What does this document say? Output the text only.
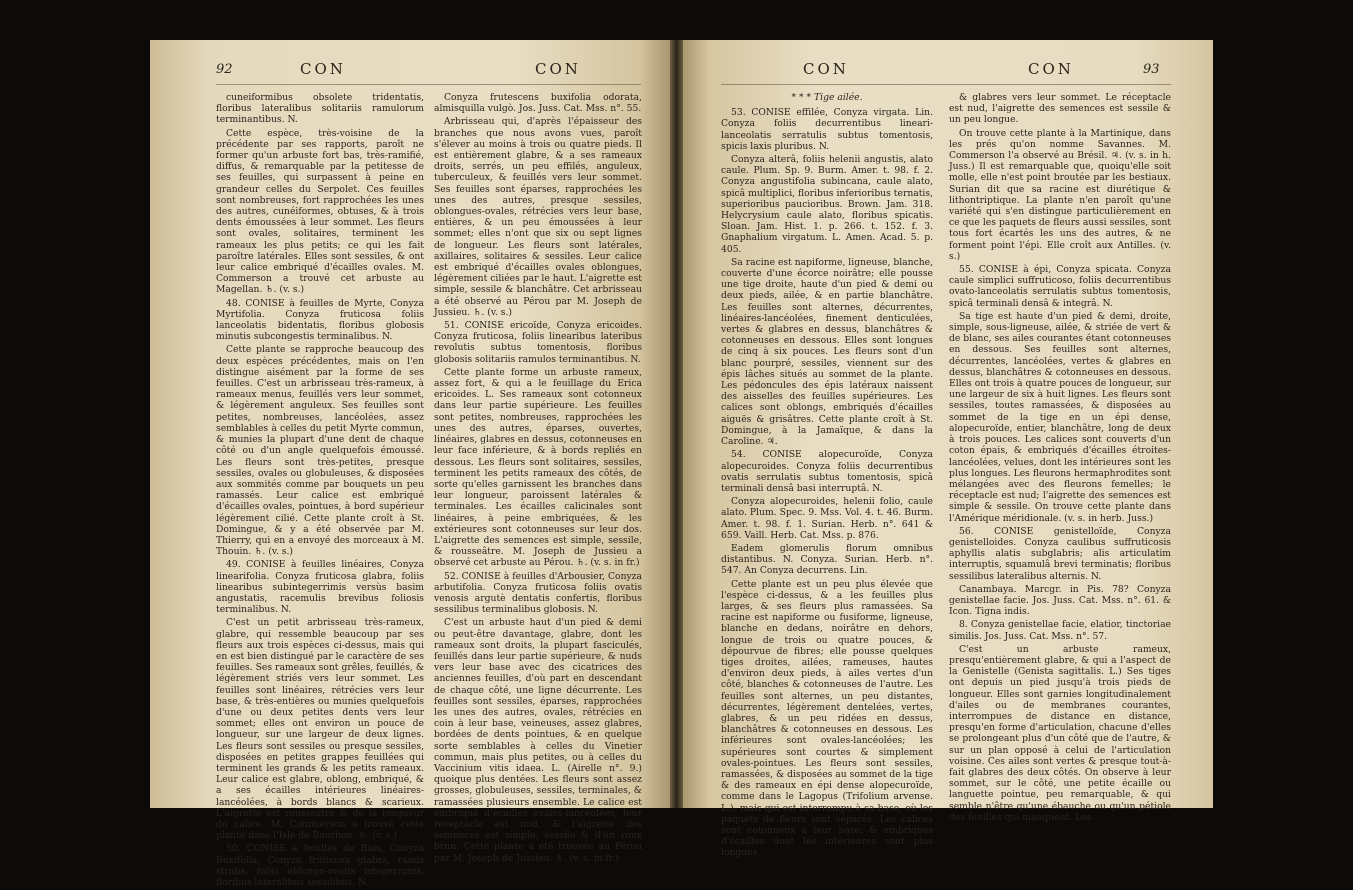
92	CON	CON

cuneiformibus obsolete tridentatis, floribus lateralibus solitariis ramulorum terminantibus. N.

Cette espèce, très-voisine de la précédente par ses rapports, paroît ne former qu'un arbuste fort bas, très-ramifié, diffus, & remarquable par la petitesse de ses feuilles, qui surpassent à peine en grandeur celles du Serpolet. Ces feuilles sont nombreuses, fort rapprochées les unes des autres, cunéiformes, obtuses, & à trois dents émoussées à leur sommet. Les fleurs sont ovales, solitaires, terminent les rameaux les plus petits; ce qui les fait paroître latérales. Elles sont sessiles, & ont leur calice embriqué d'écailles ovales. M. Commerson a trouvé cet arbuste au Magellan. ♄. (v. s.)

48. CONISE à feuilles de Myrte, Conyza Myrtifolia. Conyza fruticosa foliis lanceolatis bidentatis, floribus globosis minutis subcongestis terminalibus. N.

Cette plante se rapproche beaucoup des deux espèces précédentes, mais on l'en distingue aisément par la forme de ses feuilles. C'est un arbrisseau très-rameux, à rameaux menus, feuillés vers leur sommet, & légèrement anguleux. Ses feuilles sont petites, nombreuses, lancéolées, assez semblables à celles du petit Myrte commun, & munies la plupart d'une dent de chaque côté ou d'un angle quelquefois émoussé. Les fleurs sont très-petites, presque sessiles, ovales ou globuleuses, & disposées aux sommités comme par bouquets un peu ramassés. Leur calice est embriqué d'écailles ovales, pointues, à bord supérieur légèrement cilié. Cette plante croît à St. Domingue, & y a été observée par M. Thierry, qui en a envoyé des morceaux à M. Thouin. ♄. (v. s.)

49. CONISE à feuilles linéaires, Conyza linearifolia. Conyza fruticosa glabra, foliis linearibus subintegerrimis versùs basim angustatis, racemulis brevibus foliosis terminalibus. N.

C'est un petit arbrisseau très-rameux, glabre, qui ressemble beaucoup par ses fleurs aux trois espèces ci-dessus, mais qui en est bien distingué par le caractère de ses feuilles. Ses rameaux sont grêles, feuillés, & légèrement striés vers leur sommet. Les feuilles sont linéaires, rétrécies vers leur base, & très-entières ou munies quelquefois d'une ou deux petites dents vers leur sommet; elles ont environ un pouce de longueur, sur une largeur de deux lignes. Les fleurs sont sessiles ou presque sessiles, disposées en petites grappes feuillées qui terminent les grands & les petits rameaux. Leur calice est glabre, oblong, embriqué, & a ses écailles intérieures linéaires-lancéolées, à bords blancs & scarieux. L'aigrette est rousseâtre & de la longueur du calice. M. Commerson a trouvé cette plante dans l'Isle de Bourbon. ♄. (v. s.)

50. CONISE à feuilles de Buis, Conyza Buxifolia. Conyza fruticosa glabra, ramis stridis, foliis oblongo-ovatis integerrimis, floribus lateralibus sessilibus. N.

Conyza frutescens buxifolia odorata, almisquilla vulgò. Jos. Juss. Cat. Mss. n°. 55.

Arbrisseau qui, d'après l'épaisseur des branches que nous avons vues, paroît s'élever au moins à trois ou quatre pieds. Il est entièrement glabre, & a ses rameaux droits, serrés, un peu effilés, anguleux, tuberculeux, & feuillés vers leur sommet. Ses feuilles sont éparses, rapprochées les unes des autres, presque sessiles, oblongues-ovales, rétrécies vers leur base, entières, & un peu émoussées à leur sommet; elles n'ont que six ou sept lignes de longueur. Les fleurs sont latérales, axillaires, solitaires & sessiles. Leur calice est embriqué d'écailles ovales oblongues, légèrement ciliées par le haut. L'aigrette est simple, sessile & blanchâtre. Cet arbrisseau a été observé au Pérou par M. Joseph de Jussieu. ♄. (v. s.)

51. CONISE ericoïde, Conyza ericoides. Conyza fruticosa, foliis linearibus lateribus revolutis subtus tomentosis, floribus globosis solitariis ramulos terminantibus. N.

Cette plante forme un arbuste rameux, assez fort, & qui a le feuillage du Erica ericoides. L. Ses rameaux sont cotonneux dans leur partie supérieure. Les feuilles sont petites, nombreuses, rapprochées les unes des autres, éparses, ouvertes, linéaires, glabres en dessus, cotonneuses en leur face inférieure, & à bords repliés en dessous. Les fleurs sont solitaires, sessiles, terminent les petits rameaux des côtés, de sorte qu'elles garnissent les branches dans leur longueur, paroissent latérales & terminales. Les écailles calicinales sont linéaires, à peine embriquées, & les extérieures sont cotonneuses sur leur dos. L'aigrette des semences est simple, sessile, & rousseâtre. M. Joseph de Jussieu a observé cet arbuste au Pérou. ♄. (v. s. in fr.)

52. CONISE à feuilles d'Arbousier, Conyza arbutifolia. Conyza fruticosa foliis ovatis venosis argutè dentatis confertis, floribus sessilibus terminalibus globosis. N.

C'est un arbuste haut d'un pied & demi ou peut-être davantage, glabre, dont les rameaux sont droits, la plupart fasciculés, feuillés dans leur partie supérieure, & nuds vers leur base avec des cicatrices des anciennes feuilles, d'où part en descendant de chaque côté, une ligne décurrente. Les feuilles sont sessiles, éparses, rapprochées les unes des autres, ovales, rétrécies en coin à leur base, veineuses, assez glabres, bordées de dents pointues, & en quelque sorte semblables à celles du Vinetier commun, mais plus petites, ou à celles du Vaccinium vitis idaea. L. (Airelle n°. 9.) quoique plus dentées. Les fleurs sont assez grosses, globuleuses, sessiles, terminales, & ramassées plusieurs ensemble. Le calice est embriqué d'écailles ovales-lancéolées; leur réceptacle est nud, & l'aigrette des semences est simple, sessile & d'un roux brun. Cette plante a été trouvée au Pérou par M. Joseph de Jussieu. ♄. (v. s. in fr.)

CON	CON	93

* * * Tige ailée.

53. CONISE effilée, Conyza virgata. Lin. Conyza foliis decurrentibus lineari-lanceolatis serratulis subtus tomentosis, spicis laxis pluribus. N.

Conyza alterâ, foliis helenii angustis, alato caule. Plum. Sp. 9. Burm. Amer. t. 98. f. 2. Conyza angustifolia subincana, caule alato, spicâ multiplici, floribus inferioribus ternatis, superioribus paucioribus. Brown. Jam. 318. Helycrysium caule alato, floribus spicatis. Sloan. Jam. Hist. 1. p. 266. t. 152. f. 3. Gnaphalium virgatum. L. Amen. Acad. 5. p. 405.

Sa racine est napiforme, ligneuse, blanche, couverte d'une écorce noirâtre; elle pousse une tige droite, haute d'un pied & demi ou deux pieds, ailée, & en partie blanchâtre. Les feuilles sont alternes, décurrentes, linéaires-lancéolées, finement denticulées, vertes & glabres en dessus, blanchâtres & cotonneuses en dessous. Elles sont longues de cinq à six pouces. Les fleurs sont d'un blanc pourpré, sessiles, viennent sur des épis lâches situés au sommet de la plante. Les pédoncules des épis latéraux naissent des aisselles des feuilles supérieures. Les calices sont oblongs, embriqués d'écailles aiguës & grisâtres. Cette plante croît à St. Domingue, à la Jamaïque, & dans la Caroline. ♃.

54. CONISE alopecuroïde, Conyza alopecuroides. Conyza foliis decurrentibus ovatis serrulatis subtus tomentosis, spicâ terminali densâ basi interruptâ. N.

Conyza alopecuroides, helenii folio, caule alato. Plum. Spec. 9. Mss. Vol. 4. t. 46. Burm. Amer. t. 98. f. 1. Surian. Herb. n°. 641 & 659. Vaill. Herb. Cat. Mss. p. 876.

Eadem glomerulis florum omnibus distantibus. N. Conyza. Surian. Herb. n°. 547. An Conyza decurrens. Lin.

Cette plante est un peu plus élevée que l'espèce ci-dessus, & a les feuilles plus larges, & ses fleurs plus ramassées. Sa racine est napiforme ou fusiforme, ligneuse, blanche en dedans, noirâtre en dehors, longue de trois ou quatre pouces, & dépourvue de fibres; elle pousse quelques tiges droites, ailées, rameuses, hautes d'environ deux pieds, à ailes vertes d'un côté, blanches & cotonneuses de l'autre. Les feuilles sont alternes, un peu distantes, décurrentes, légèrement dentelées, vertes, glabres, & un peu ridées en dessus, blanchâtres & cotonneuses en dessous. Les inférieures sont ovales-lancéolées; les supérieures sont courtes & simplement ovales-pointues. Les fleurs sont sessiles, ramassées, & disposées au sommet de la tige & des rameaux en épi dense alopecuroïde, comme dans le Lagopus (Trifolium arvense. L.), mais qui est interrompu à sa base, où les paquets de fleurs sont séparés. Les calices sont cotonneux à leur base, & embriqués d'écailles dont les intérieures sont plus longues

& glabres vers leur sommet. Le réceptacle est nud, l'aigrette des semences est sessile & un peu longue.

On trouve cette plante à la Martinique, dans les prés qu'on nomme Savannes. M. Commerson l'a observé au Brésil. ♃. (v. s. in h. Juss.) Il est remarquable que, quoiqu'elle soit molle, elle n'est point broutée par les bestiaux. Surian dit que sa racine est diurétique & lithontriptique. La plante n'en paroît qu'une variété qui s'en distingue particulièrement en ce que les paquets de fleurs aussi sessiles, sont tous fort écartés les uns des autres, & ne forment point l'épi. Elle croît aux Antilles. (v. s.)

55. CONISE à épi, Conyza spicata. Conyza caule simplici suffruticoso, foliis decurrentibus ovato-lanceolatis serrulatis subtus tomentosis, spicâ terminali densâ & integrâ. N.

Sa tige est haute d'un pied & demi, droite, simple, sous-ligneuse, ailée, & striée de vert & de blanc, ses ailes courantes étant cotonneuses en dessous. Ses feuilles sont alternes, décurrentes, lancéolées, vertes & glabres en dessus, blanchâtres & cotonneuses en dessous. Elles ont trois à quatre pouces de longueur, sur une largeur de six à huit lignes. Les fleurs sont sessiles, toutes ramassées, & disposées au sommet de la tige en un épi dense, alopecuroïde, entier, blanchâtre, long de deux à trois pouces. Les calices sont couverts d'un coton épais, & embriqués d'écailles étroites-lancéolées, velues, dont les intérieures sont les plus longues. Les fleurons hermaphrodites sont mélangées avec des fleurons femelles; le réceptacle est nud; l'aigrette des semences est simple & sessile. On trouve cette plante dans l'Amérique méridionale. (v. s. in herb. Juss.)

56. CONISE genistelloïde, Conyza genistelloides. Conyza caulibus suffruticosis aphyllis alatis subglabris; alis articulatim interruptis, squamulâ brevi terminatis; floribus sessilibus lateralibus alternis. N.

Canambaya. Marcgr. in Pis. 78? Conyza genistellae facie. Jos. Juss. Cat. Mss. n°. 61. & Icon. Tigna indis.

8. Conyza genistellae facie, elatior, tinctoriae similis. Jos. Juss. Cat. Mss. n°. 57.

C'est un arbuste rameux, presqu'entièrement glabre, & qui a l'aspect de la Genistelle (Genista sagittalis. L.) Ses tiges ont depuis un pied jusqu'à trois pieds de longueur. Elles sont garnies longitudinalement d'ailes ou de membranes courantes, interrompues de distance en distance, presqu'en forme d'articulation, chacune d'elles se prolongeant plus d'un côté que de l'autre, & sur un plan opposé à celui de l'articulation voisine. Ces ailes sont vertes & presque tout-à-fait glabres des deux côtés. On observe à leur sommet, sur le côté, une petite écaille ou languette pointue, peu remarquable, & qui semble n'être qu'une ébauche ou qu'un pétiole des feuilles qui manquent. Les
